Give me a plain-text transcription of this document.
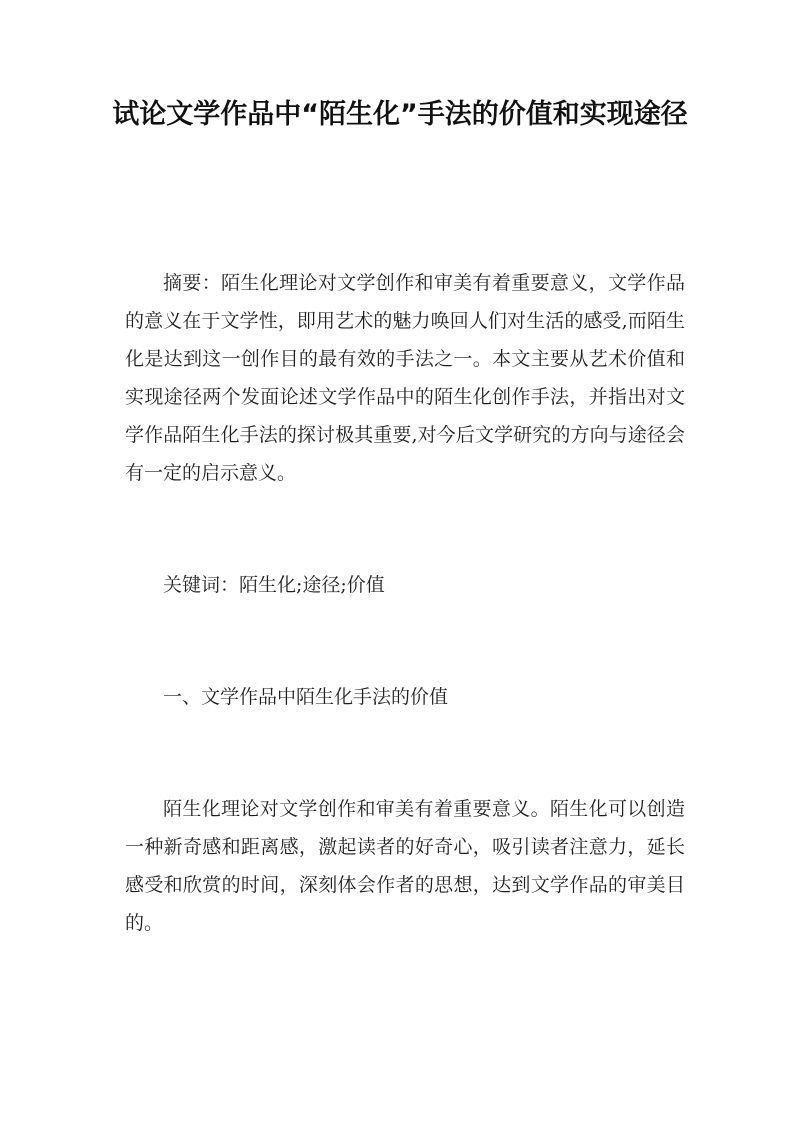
试论文学作品中“陌生化”手法的价值和实现途径

摘要：陌生化理论对文学创作和审美有着重要意义，文学作品的意义在于文学性，即用艺术的魅力唤回人们对生活的感受,而陌生化是达到这一创作目的最有效的手法之一。本文主要从艺术价值和实现途径两个发面论述文学作品中的陌生化创作手法，并指出对文学作品陌生化手法的探讨极其重要,对今后文学研究的方向与途径会有一定的启示意义。

关键词：陌生化;途径;价值

一、文学作品中陌生化手法的价值

陌生化理论对文学创作和审美有着重要意义。陌生化可以创造一种新奇感和距离感，激起读者的好奇心，吸引读者注意力，延长感受和欣赏的时间，深刻体会作者的思想，达到文学作品的审美目的。
